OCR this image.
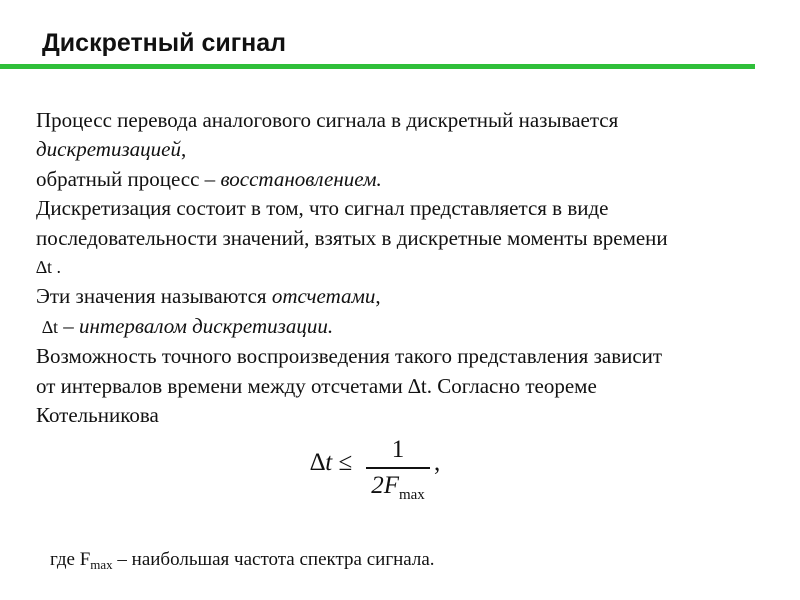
Дискретный сигнал

Процесс перевода аналогового сигнала в дискретный называется

дискретизацией,

обратный процесс – восстановлением.

Дискретизация состоит в том, что сигнал представляется в виде

последовательности значений, взятых в дискретные моменты времени

∆t .

Эти значения называются отсчетами,

∆t – интервалом дискретизации.

Возможность точного воспроизведения такого представления зависит

от интервалов времени между отсчетами ∆t. Согласно теореме

Котельникова

∆t ≤	1
$2F_{max}$
,
где $F_{max}$ – наибольшая частота спектра сигнала.
